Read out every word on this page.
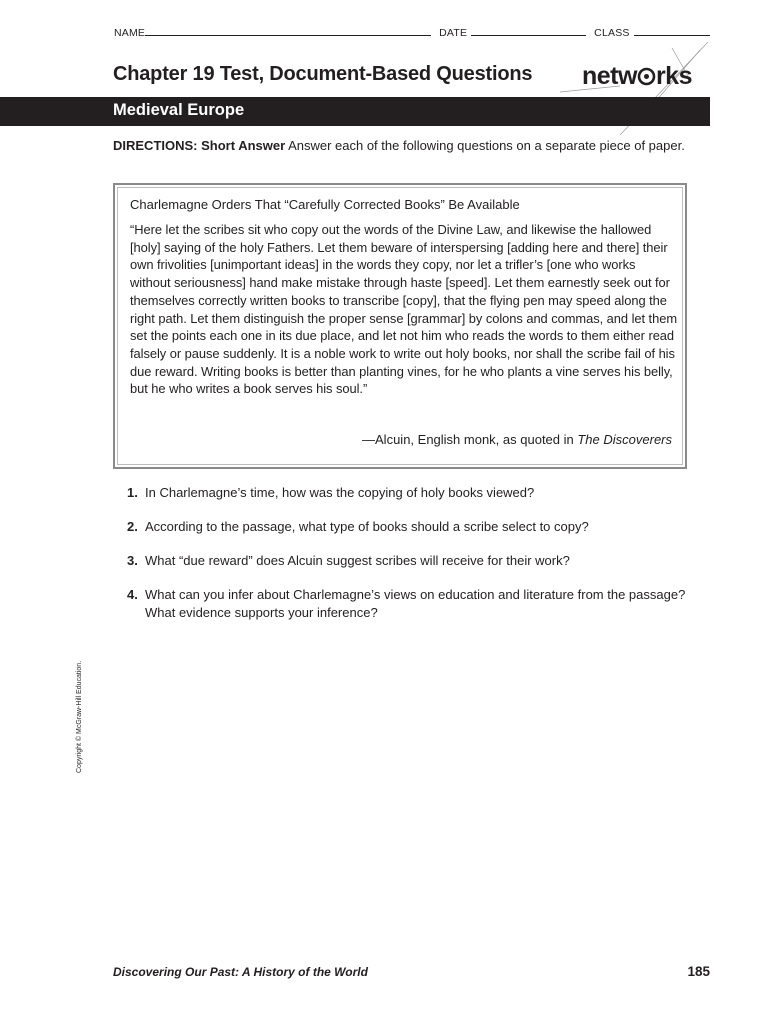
NAME	DATE	CLASS
Chapter 19 Test, Document-Based Questions netw rks
Medieval Europe
DIRECTIONS: Short Answer Answer each of the following questions on a separate piece of paper.
Charlemagne Orders That “Carefully Corrected Books” Be Available
“Here let the scribes sit who copy out the words of the Divine Law, and likewise the hallowed [holy] saying of the holy Fathers. Let them beware of interspersing [adding here and there] their own frivolities [unimportant ideas] in the words they copy, nor let a trifler’s [one who works without seriousness] hand make mistake through haste [speed]. Let them earnestly seek out for themselves correctly written books to transcribe [copy], that the flying pen may speed along the right path. Let them distinguish the proper sense [grammar] by colons and commas, and let them set the points each one in its due place, and let not him who reads the words to them either read falsely or pause suddenly. It is a noble work to write out holy books, nor shall the scribe fail of his due reward. Writing books is better than planting vines, for he who plants a vine serves his belly, but he who writes a book serves his soul.”
—Alcuin, English monk, as quoted in The Discoverers
1. In Charlemagne’s time, how was the copying of holy books viewed?
2. According to the passage, what type of books should a scribe select to copy?
3. What “due reward” does Alcuin suggest scribes will receive for their work?
4. What can you infer about Charlemagne’s views on education and literature from the passage? What evidence supports your inference?
Copyright © McGraw-Hill Education.
Discovering Our Past: A History of the World	185
